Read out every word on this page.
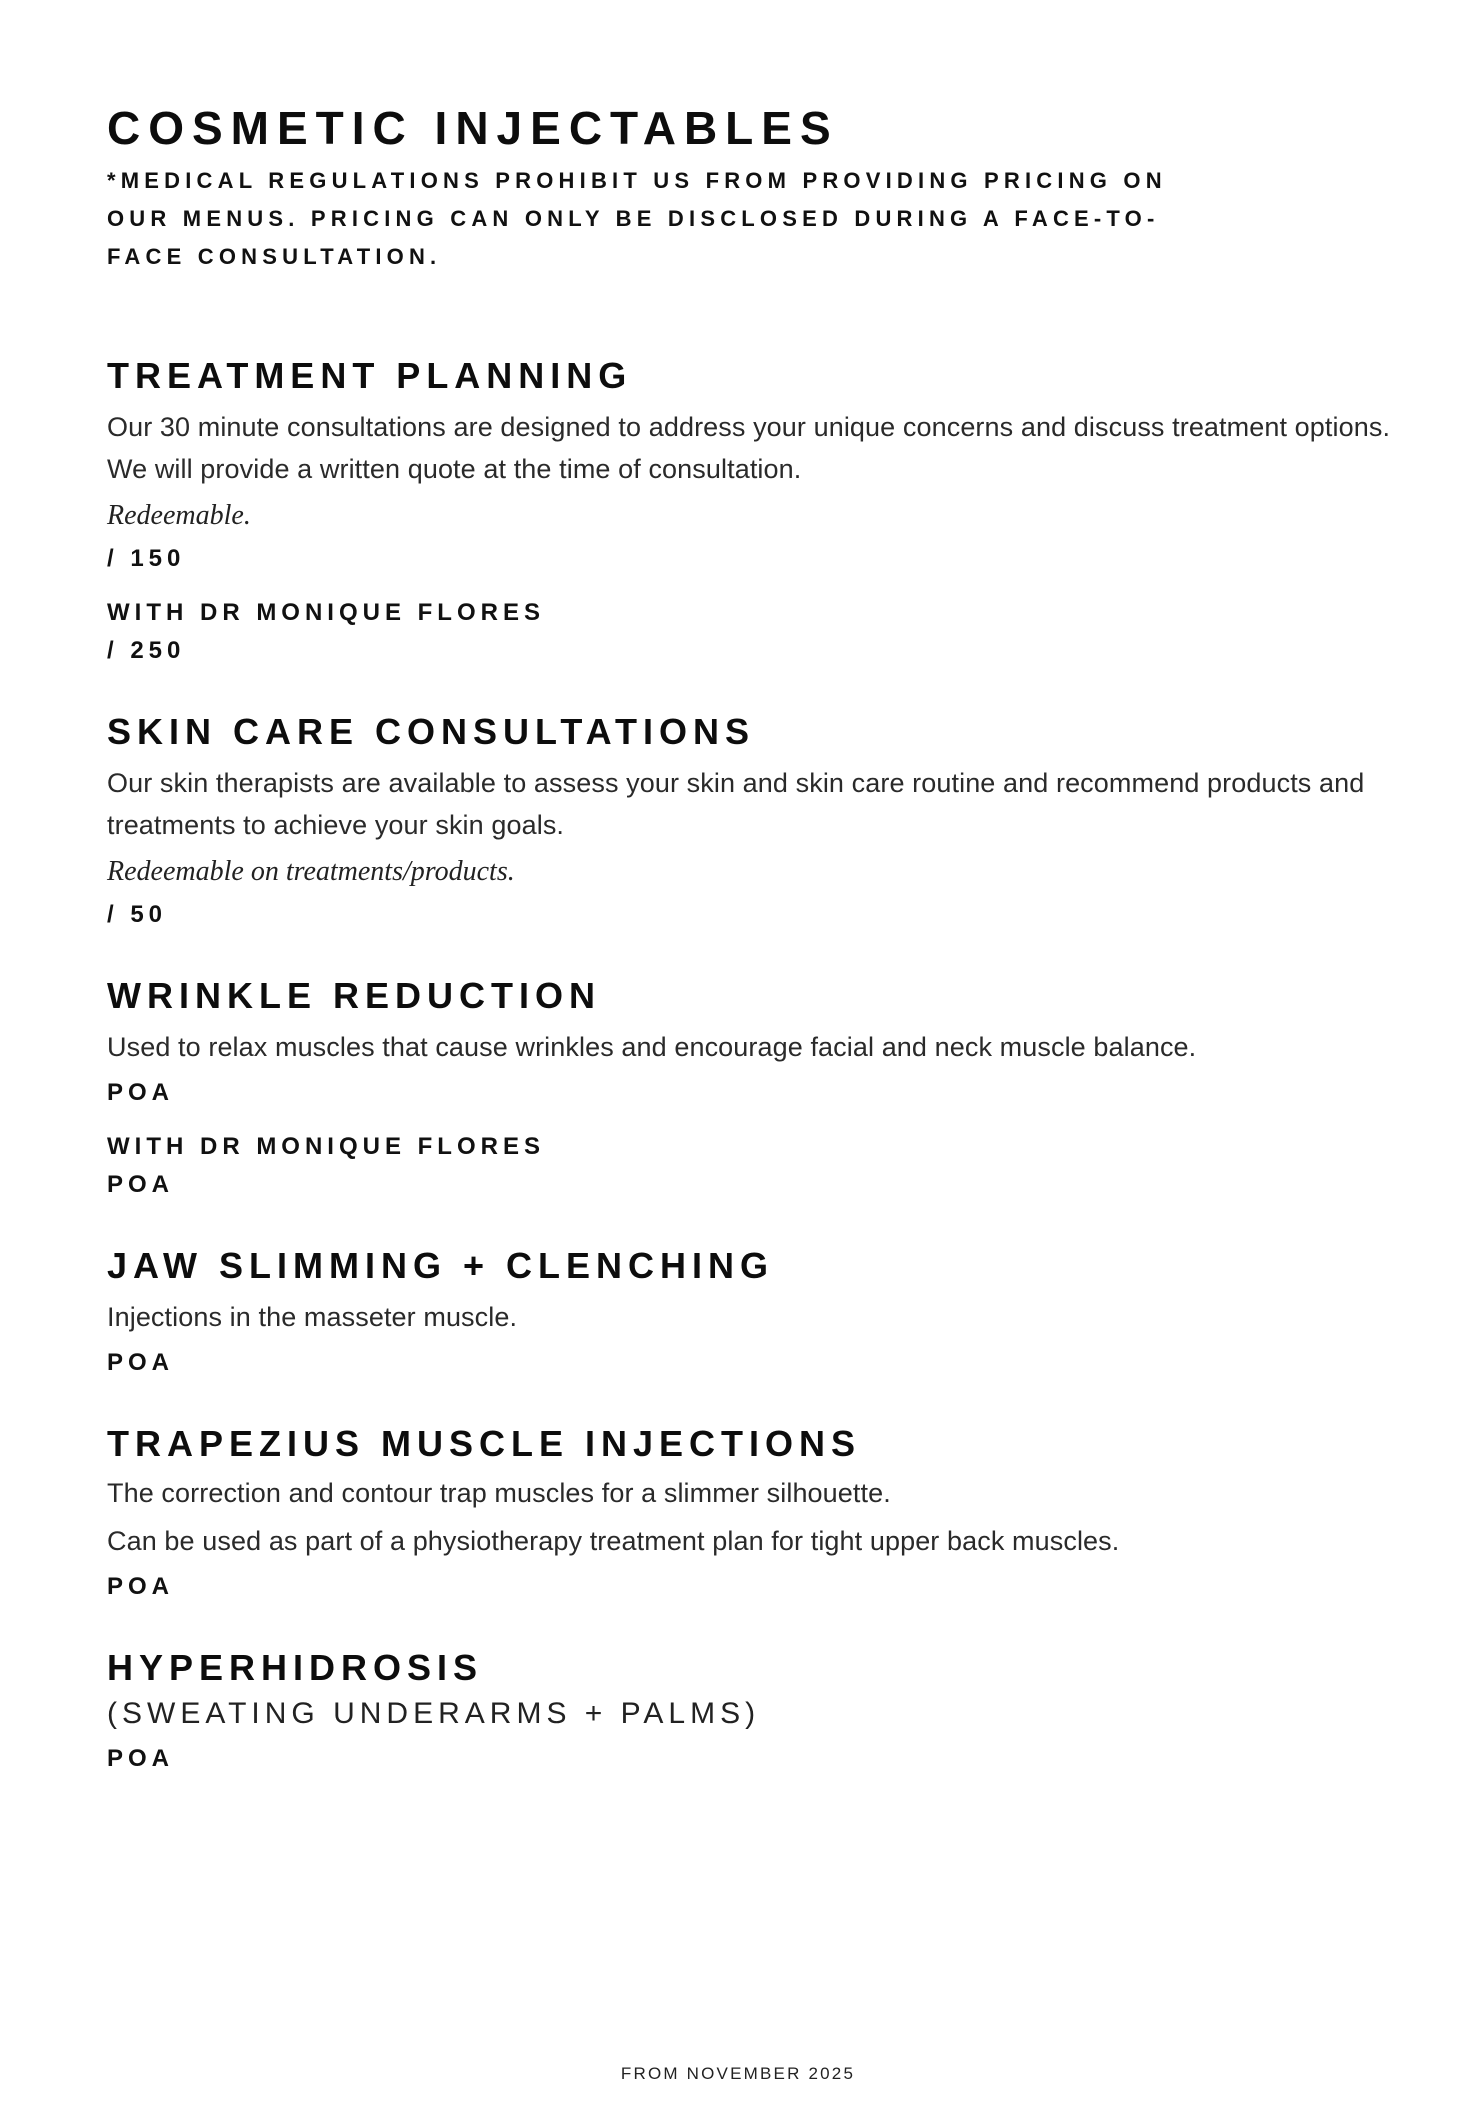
COSMETIC INJECTABLES
*MEDICAL REGULATIONS PROHIBIT US FROM PROVIDING PRICING ON OUR MENUS. PRICING CAN ONLY BE DISCLOSED DURING A FACE-TO-FACE CONSULTATION.
TREATMENT PLANNING
Our 30 minute consultations are designed to address your unique concerns and discuss treatment options. We will provide a written quote at the time of consultation.
Redeemable.
/ 150
WITH DR MONIQUE FLORES
/ 250
SKIN CARE CONSULTATIONS
Our skin therapists are available to assess your skin and skin care routine and recommend products and treatments to achieve your skin goals.
Redeemable on treatments/products.
/ 50
WRINKLE REDUCTION
Used to relax muscles that cause wrinkles and encourage facial and neck muscle balance.
POA
WITH DR MONIQUE FLORES
POA
JAW SLIMMING + CLENCHING
Injections in the masseter muscle.
POA
TRAPEZIUS MUSCLE INJECTIONS
The correction and contour trap muscles for a slimmer silhouette.
Can be used as part of a physiotherapy treatment plan for tight upper back muscles.
POA
HYPERHIDROSIS
(SWEATING UNDERARMS + PALMS)
POA
FROM NOVEMBER 2025
